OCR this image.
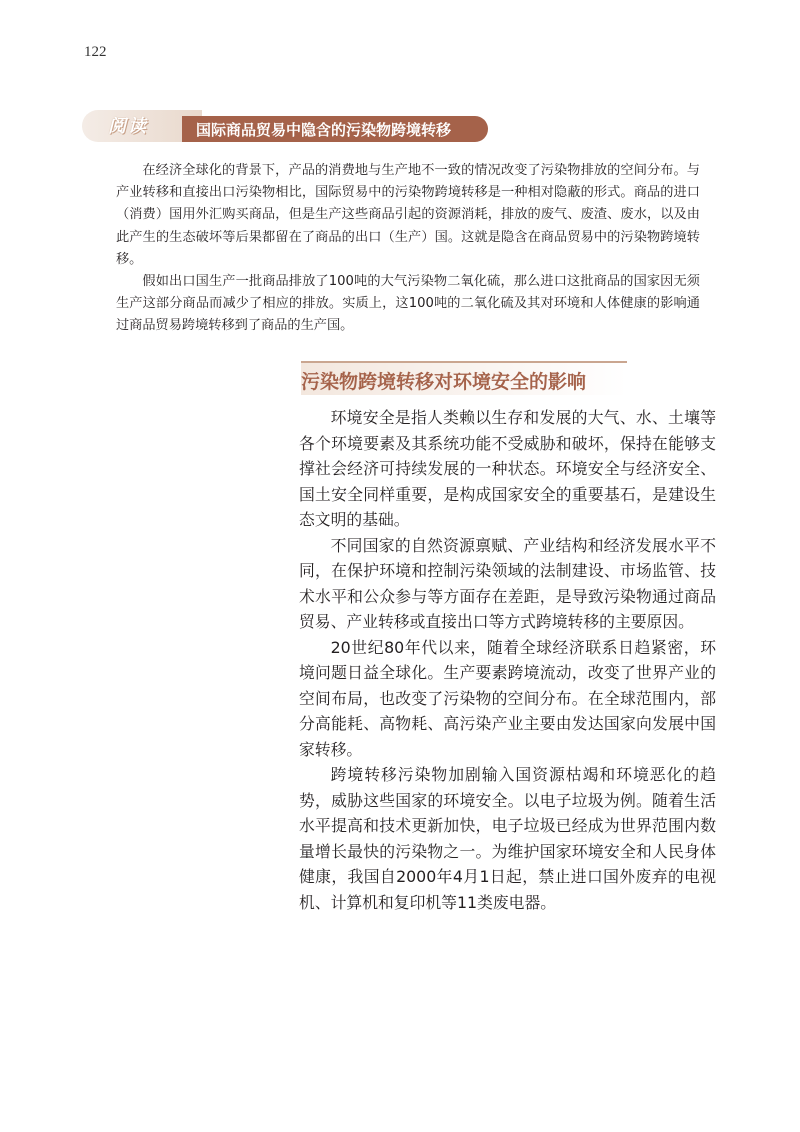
122
阅读	国际商品贸易中隐含的污染物跨境转移

在经济全球化的背景下，产品的消费地与生产地不一致的情况改变了污染物排放的空间分布。与产业转移和直接出口污染物相比，国际贸易中的污染物跨境转移是一种相对隐蔽的形式。商品的进口（消费）国用外汇购买商品，但是生产这些商品引起的资源消耗，排放的废气、废渣、废水，以及由此产生的生态破坏等后果都留在了商品的出口（生产）国。这就是隐含在商品贸易中的污染物跨境转移。

假如出口国生产一批商品排放了100吨的大气污染物二氧化硫，那么进口这批商品的国家因无须生产这部分商品而减少了相应的排放。实质上，这100吨的二氧化硫及其对环境和人体健康的影响通过商品贸易跨境转移到了商品的生产国。

污染物跨境转移对环境安全的影响

环境安全是指人类赖以生存和发展的大气、水、土壤等各个环境要素及其系统功能不受威胁和破坏，保持在能够支撑社会经济可持续发展的一种状态。环境安全与经济安全、国土安全同样重要，是构成国家安全的重要基石，是建设生态文明的基础。

不同国家的自然资源禀赋、产业结构和经济发展水平不同，在保护环境和控制污染领域的法制建设、市场监管、技术水平和公众参与等方面存在差距，是导致污染物通过商品贸易、产业转移或直接出口等方式跨境转移的主要原因。

20世纪80年代以来，随着全球经济联系日趋紧密，环境问题日益全球化。生产要素跨境流动，改变了世界产业的空间布局，也改变了污染物的空间分布。在全球范围内，部分高能耗、高物耗、高污染产业主要由发达国家向发展中国家转移。

跨境转移污染物加剧输入国资源枯竭和环境恶化的趋势，威胁这些国家的环境安全。以电子垃圾为例。随着生活水平提高和技术更新加快，电子垃圾已经成为世界范围内数量增长最快的污染物之一。为维护国家环境安全和人民身体健康，我国自2000年4月1日起，禁止进口国外废弃的电视机、计算机和复印机等11类废电器。
